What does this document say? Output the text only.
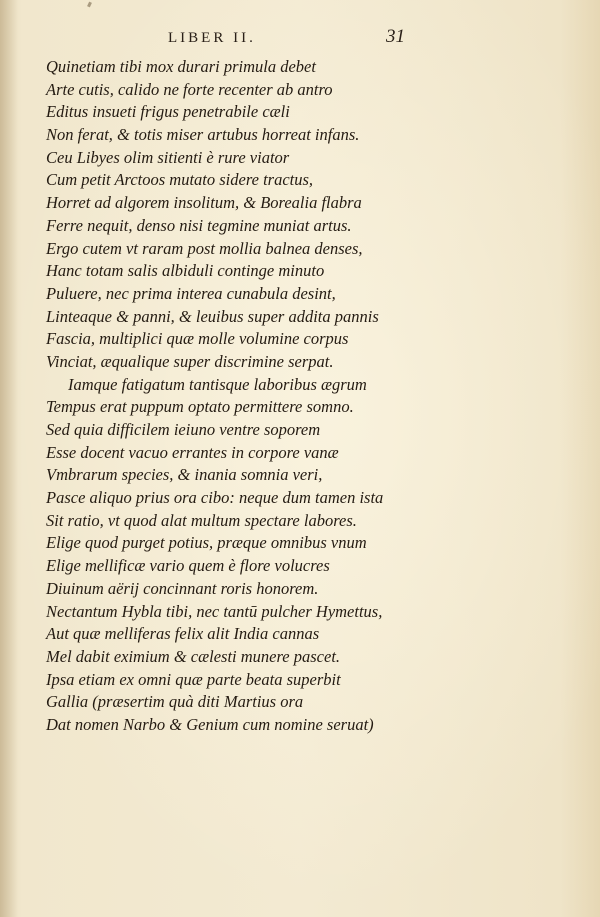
LIBER II.	31
Quinetiam tibi mox durari primula debet
Arte cutis, calido ne forte recenter ab antro
Editus insueti frigus penetrabile cæli
Non ferat, & totis miser artubus horreat infans.
Ceu Libyes olim sitienti è rure viator
Cum petit Arctoos mutato sidere tractus,
Horret ad algorem insolitum, & Borealia flabra
Ferre nequit, denso nisi tegmine muniat artus.
Ergo cutem vt raram post mollia balnea denses,
Hanc totam salis albiduli continge minuto
Puluere, nec prima interea cunabula desint,
Linteaque & panni, & leuibus super addita pannis
Fascia, multiplici quæ molle volumine corpus
Vinciat, æqualique super discrimine serpat.
Iamque fatigatum tantisque laboribus ægrum
Tempus erat puppum optato permittere somno.
Sed quia difficilem ieiuno ventre soporem
Esse docent vacuo errantes in corpore vanæ
Vmbrarum species, & inania somnia veri,
Pasce aliquo prius ora cibo: neque dum tamen ista
Sit ratio, vt quod alat multum spectare labores.
Elige quod purget potius, præque omnibus vnum
Elige mellificæ vario quem è flore volucres
Diuinum aërij concinnant roris honorem.
Nectantum Hybla tibi, nec tantū pulcher Hymettus,
Aut quæ melliferas felix alit India cannas
Mel dabit eximium & cælesti munere pascet.
Ipsa etiam ex omni quæ parte beata superbit
Gallia (præsertim quà diti Martius ora
Dat nomen Narbo & Genium cum nomine seruat)
